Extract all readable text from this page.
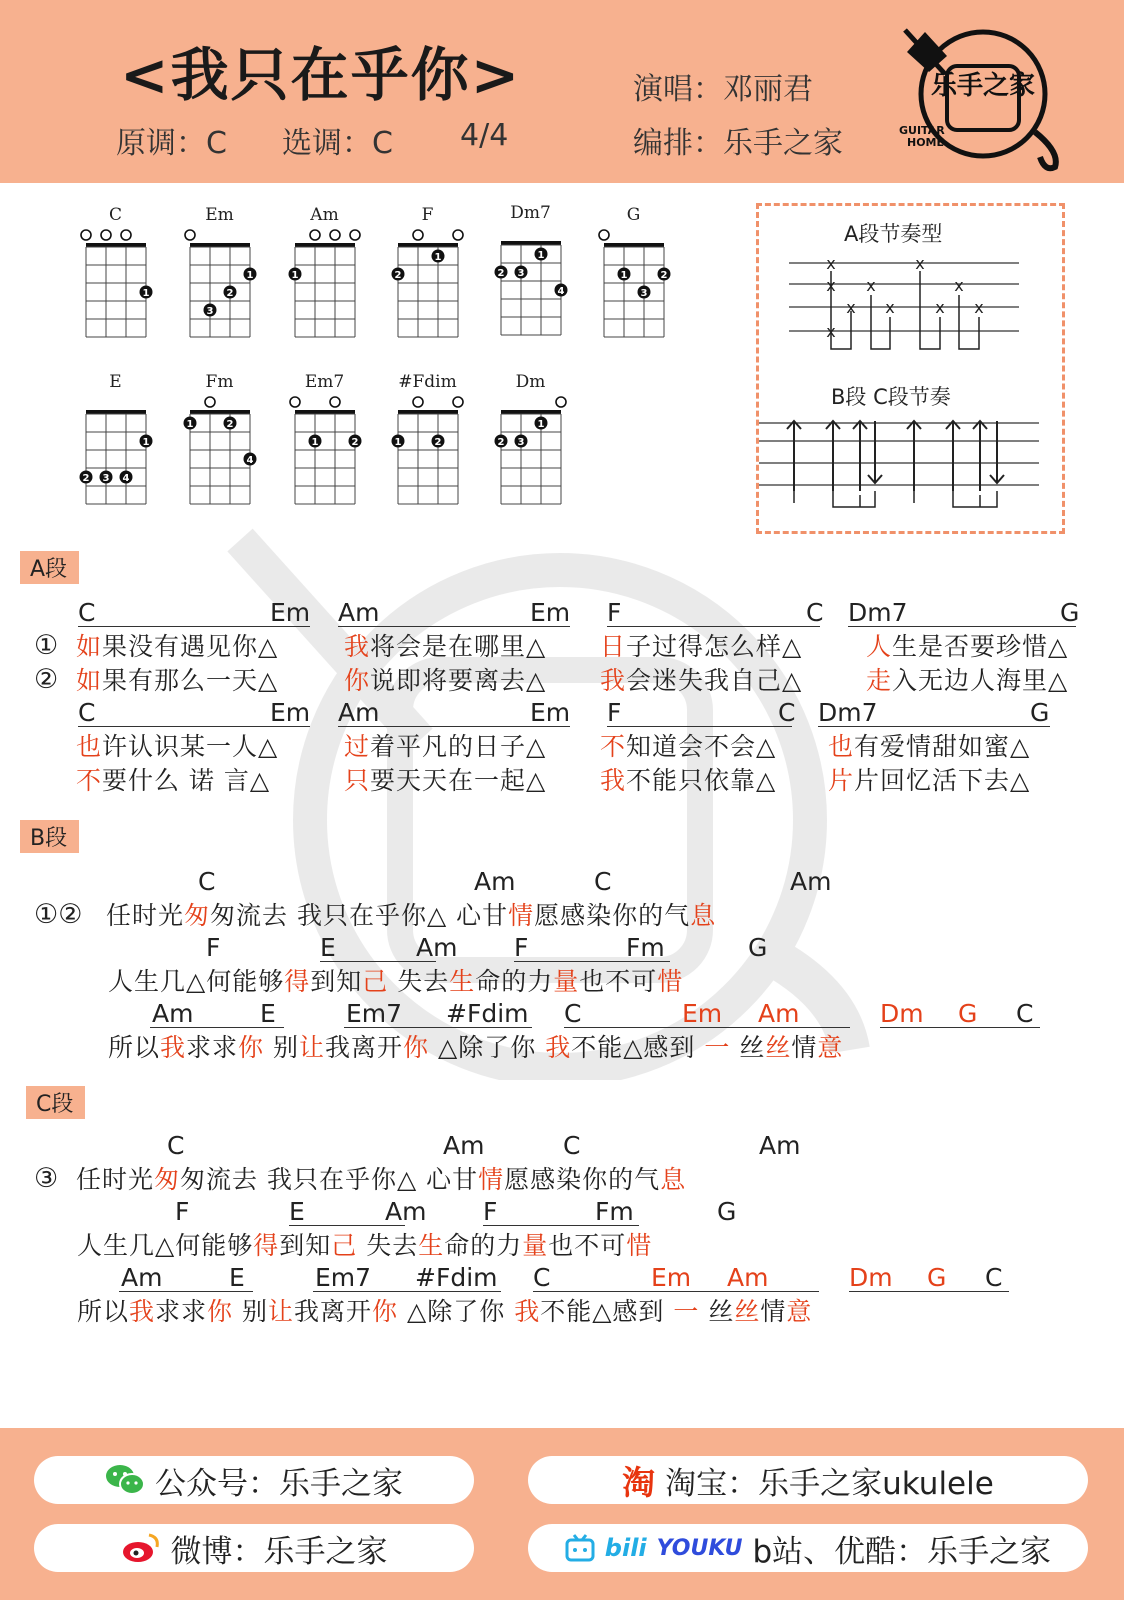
<我只在乎你>
原调：C 选调：C 4/4
演唱：邓丽君
编排：乐手之家
乐手之家
GUITAR
HOME
C
1
Em
1
2
3
Am
1
F
1
2
Dm7
1
2 3
4
G
1	2
3
E
1
2 3 4
Fm
1	2
4
Em7
1	2
#Fdim
1	2
Dm
1
2 3
A段节奏型
x
x
x
x
x
x
x
x
x
x
B段 C段节奏
A段
C	Em Am	Em F	C Dm7	G
① 如果没有遇见你△	我将会是在哪里△ 日子过得怎么样△	人生是否要珍惜△
② 如果有那么一天△	你说即将要离去△ 我会迷失我自己△	走入无边人海里△
C	Em Am	Em F	C Dm7	G
也许认识某一人△	过着平凡的日子△ 不知道会不会△ 也有爱情甜如蜜△
不要什么 诺 言△	只要天天在一起△ 我不能只依靠△ 片片回忆活下去△
B段
C	Am	C	Am
①② 任时光匆匆流去 我只在乎你△ 心甘情愿感染你的气息
F	E	Am F	Fm	G
人生几△何能够得到知己 失去生命的力量也不可惜
Am	E	Em7 #Fdim C	Em Am	Dm G C
所以我求求你 别让我离开你 △除了你 我不能△感到 一 丝丝情意
C段
C	Am	C	Am
③ 任时光匆匆流去 我只在乎你△ 心甘情愿感染你的气息
F	E	Am F	Fm	G
人生几△何能够得到知己 失去生命的力量也不可惜
Am	E	Em7 #Fdim C	Em Am	Dm G C
所以我求求你 别让我离开你 △除了你 我不能△感到 一 丝丝情意
公众号：乐手之家	淘 淘宝：乐手之家ukulele
微博：乐手之家	bili YOUKU b站、优酷：乐手之家
